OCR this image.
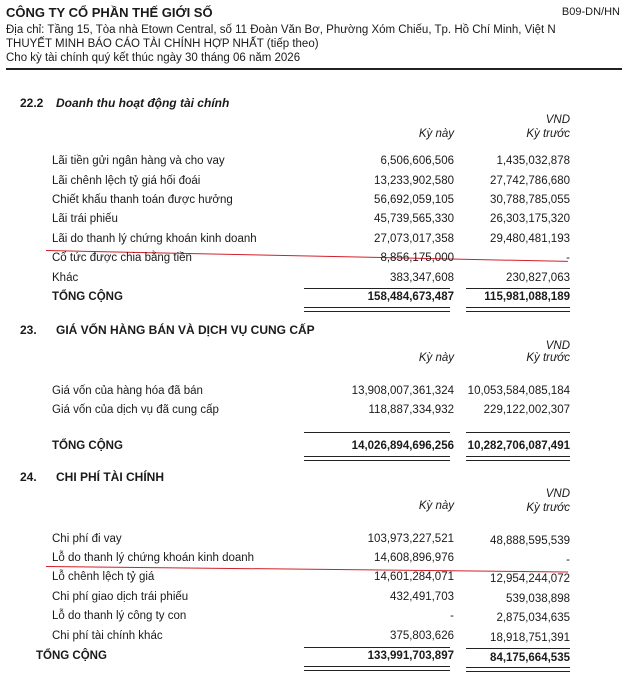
CÔNG TY CỔ PHẦN THẾ GIỚI SỐ	B09-DN/HN
Địa chỉ: Tầng 15, Tòa nhà Etown Central, số 11 Đoàn Văn Bơ, Phường Xóm Chiếu, Tp. Hồ Chí Minh, Việt N
THUYẾT MINH BÁO CÁO TÀI CHÍNH HỢP NHẤT (tiếp theo)
Cho kỳ tài chính quý kết thúc ngày 30 tháng 06 năm 2026
22.2 Doanh thu hoạt động tài chính
VND
Kỳ này	Kỳ trước
Lãi tiền gửi ngân hàng và cho vay	6,506,606,506	1,435,032,878
Lãi chênh lệch tỷ giá hối đoái	13,233,902,580	27,742,786,680
Chiết khấu thanh toán được hưởng	56,692,059,105	30,788,785,055
Lãi trái phiếu	45,739,565,330	26,303,175,320
Lãi do thanh lý chứng khoán kinh doanh	27,073,017,358	29,480,481,193
Cổ tức được chia bằng tiền	8,856,175,000	-
Khác	383,347,608	230,827,063
TỔNG CỘNG	158,484,673,487	115,981,088,189
23. GIÁ VỐN HÀNG BÁN VÀ DỊCH VỤ CUNG CẤP
VND
Kỳ này	Kỳ trước
Giá vốn của hàng hóa đã bán	13,908,007,361,324 10,053,584,085,184
Giá vốn của dịch vụ đã cung cấp	118,887,334,932	229,122,002,307
TỔNG CỘNG	14,026,894,696,256 10,282,706,087,491
24. CHI PHÍ TÀI CHÍNH
VND
Kỳ này	Kỳ trước
Chi phí đi vay	103,973,227,521	48,888,595,539
Lỗ do thanh lý chứng khoán kinh doanh	14,608,896,976	-
Lỗ chênh lệch tỷ giá	14,601,284,071	12,954,244,072
Chi phí giao dịch trái phiếu	432,491,703	539,038,898
Lỗ do thanh lý công ty con	-	2,875,034,635
Chi phí tài chính khác	375,803,626	18,918,751,391
TỔNG CỘNG	133,991,703,897	84,175,664,535
